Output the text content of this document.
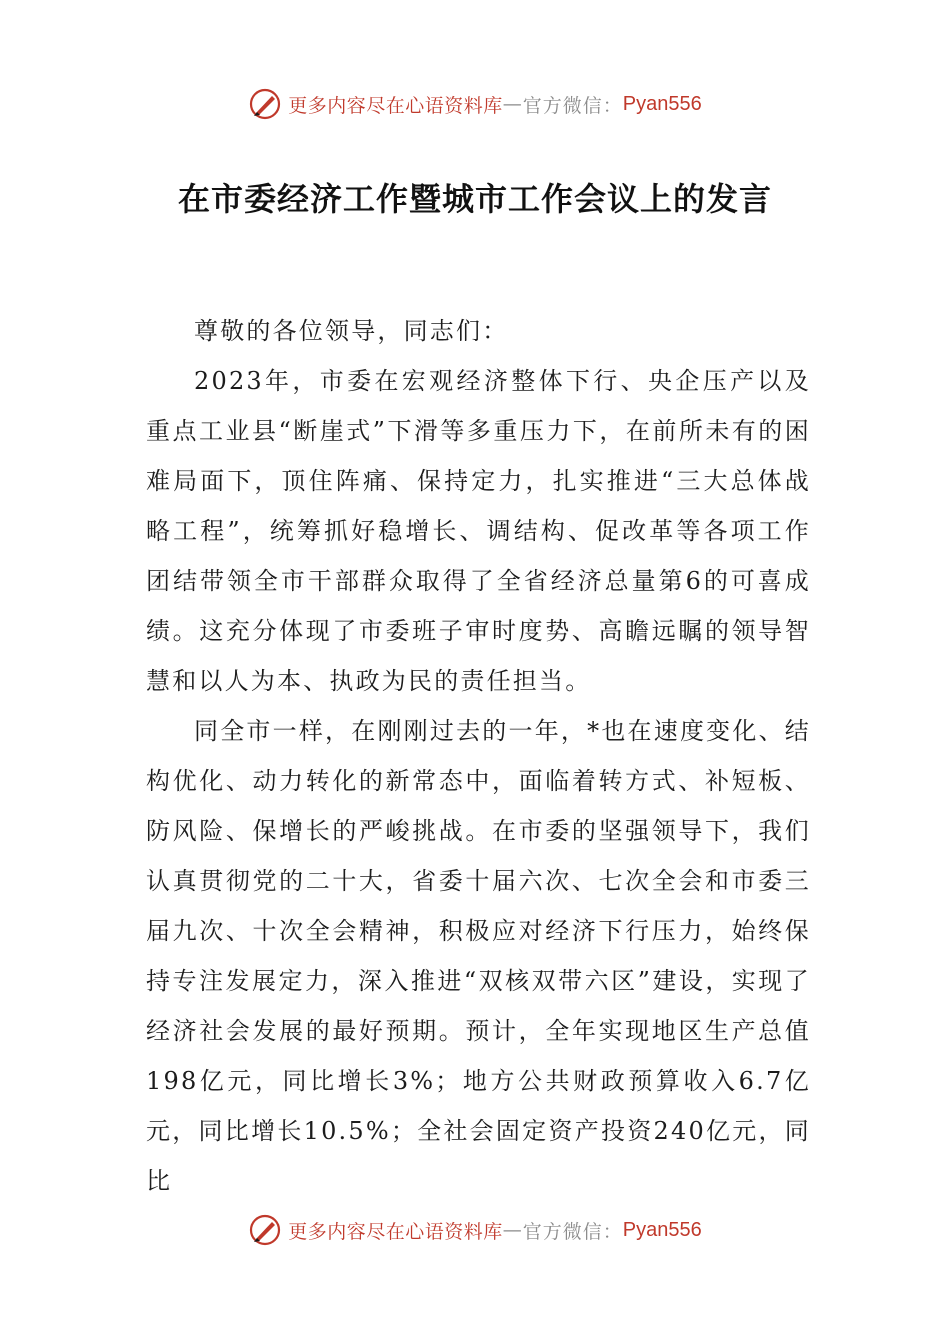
更多内容尽在心语资料库 — 官方微信： Pyan556
在市委经济工作暨城市工作会议上的发言

尊敬的各位领导，同志们：

2023年，市委在宏观经济整体下行、央企压产以及重点工业县“断崖式”下滑等多重压力下，在前所未有的困难局面下，顶住阵痛、保持定力，扎实推进“三大总体战略工程”，统筹抓好稳增长、调结构、促改革等各项工作团结带领全市干部群众取得了全省经济总量第6的可喜成绩。这充分体现了市委班子审时度势、高瞻远瞩的领导智慧和以人为本、执政为民的责任担当。

同全市一样，在刚刚过去的一年，*也在速度变化、结构优化、动力转化的新常态中，面临着转方式、补短板、防风险、保增长的严峻挑战。在市委的坚强领导下，我们认真贯彻党的二十大，省委十届六次、七次全会和市委三届九次、十次全会精神，积极应对经济下行压力，始终保持专注发展定力，深入推进“双核双带六区”建设，实现了经济社会发展的最好预期。预计，全年实现地区生产总值198亿元，同比增长3%；地方公共财政预算收入6.7亿元，同比增长10.5%；全社会固定资产投资240亿元，同比

更多内容尽在心语资料库 — 官方微信： Pyan556
